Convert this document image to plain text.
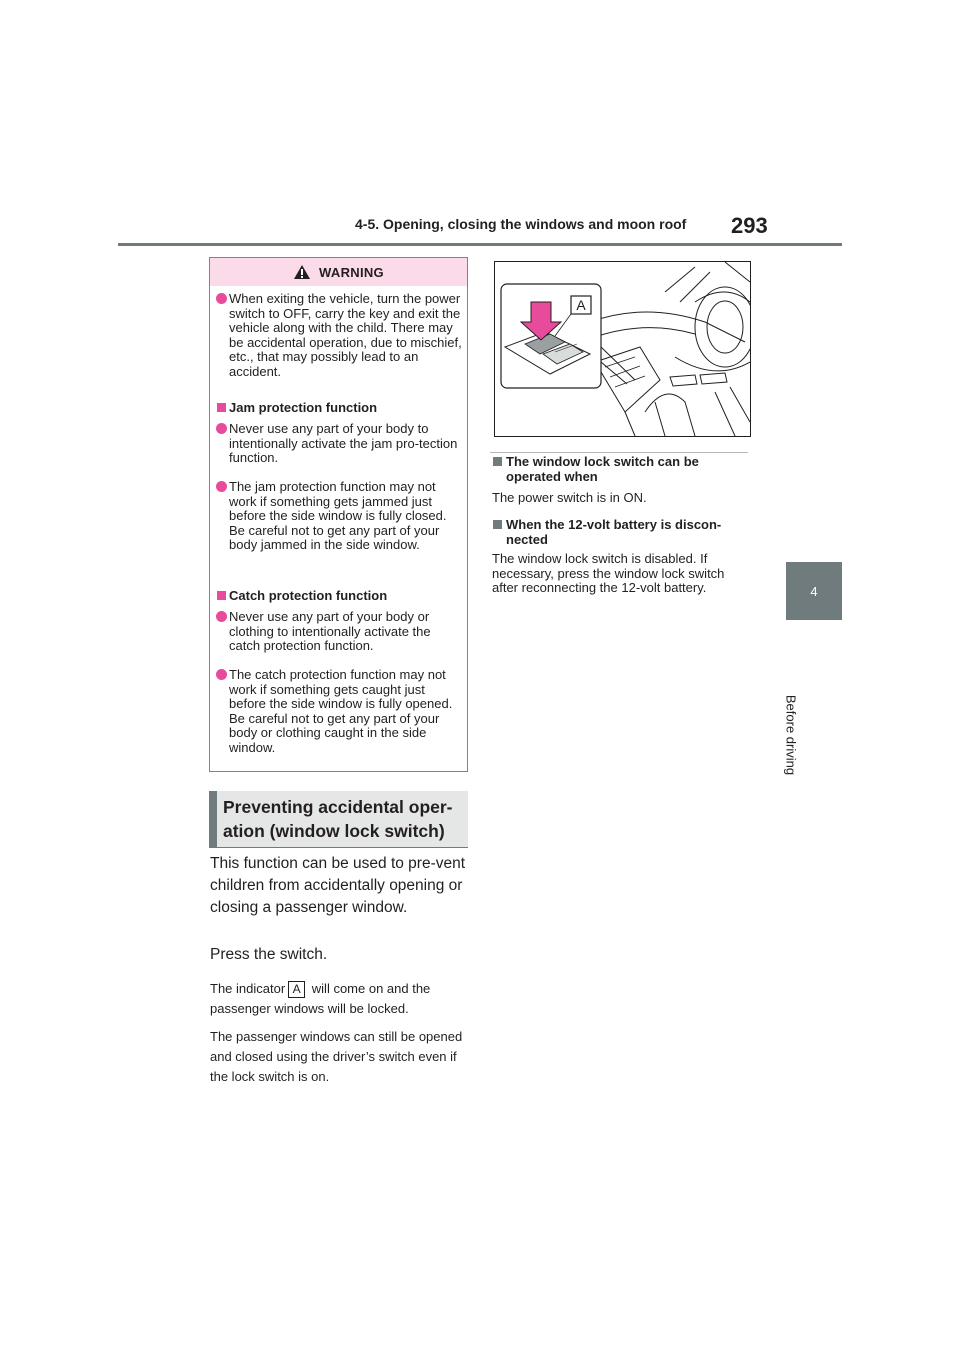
4-5. Opening, closing the windows and moon roof 293
4
Before driving
WARNING
When exiting the vehicle, turn the power switch to OFF, carry the key and exit the vehicle along with the child. There may be accidental operation, due to mischief, etc., that may possibly lead to an accident.
Jam protection function
Never use any part of your body to intentionally activate the jam pro-tection function.
The jam protection function may not work if something gets jammed just before the side window is fully closed. Be careful not to get any part of your body jammed in the side window.
Catch protection function
Never use any part of your body or clothing to intentionally activate the catch protection function.
The catch protection function may not work if something gets caught just before the side window is fully opened. Be careful not to get any part of your body or clothing caught in the side window.
Preventing accidental oper-ation (window lock switch)
This function can be used to pre-vent children from accidentally opening or closing a passenger window.
Press the switch.
The indicator A will come on and the passenger windows will be locked.
The passenger windows can still be opened and closed using the driver’s switch even if the lock switch is on.
A
The window lock switch can be operated when
The power switch is in ON.
When the 12-volt battery is discon-nected
The window lock switch is disabled. If necessary, press the window lock switch after reconnecting the 12-volt battery.
